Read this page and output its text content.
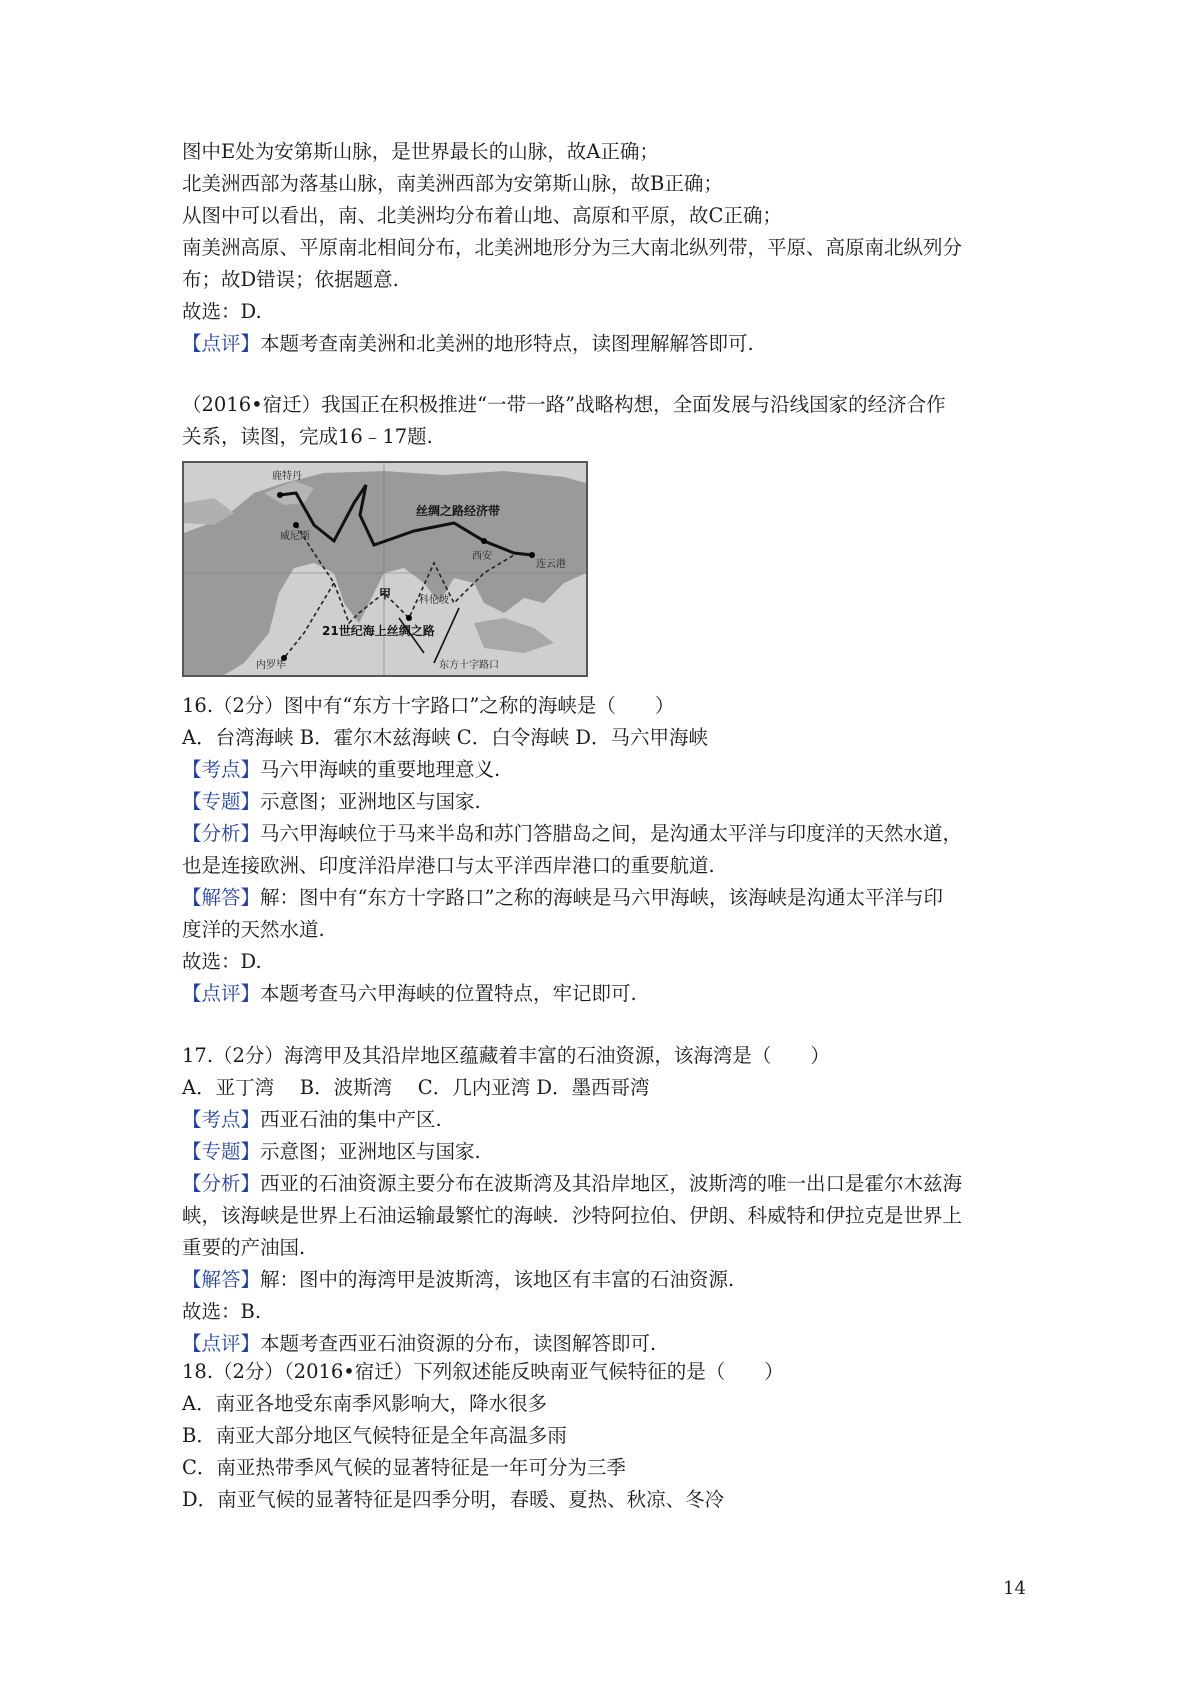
图中E处为安第斯山脉，是世界最长的山脉，故A正确；
北美洲西部为落基山脉，南美洲西部为安第斯山脉，故B正确；
从图中可以看出，南、北美洲均分布着山地、高原和平原，故C正确；
南美洲高原、平原南北相间分布，北美洲地形分为三大南北纵列带，平原、高原南北纵列分
布；故D错误；依据题意.
故选：D.
【点评】本题考查南美洲和北美洲的地形特点，读图理解解答即可.
（2016•宿迁）我国正在积极推进“一带一路”战略构想，全面发展与沿线国家的经济合作
关系，读图，完成16﹣17题.
鹿特丹
威尼斯
丝绸之路经济带
西安
连云港
甲	科伦坡
21世纪海上丝绸之路
内罗毕	东方十字路口
16.（2分）图中有“东方十字路口”之称的海峡是（　　）
A．台湾海峡 B．霍尔木兹海峡 C．白令海峡 D．马六甲海峡
【考点】马六甲海峡的重要地理意义.
【专题】示意图；亚洲地区与国家.
【分析】马六甲海峡位于马来半岛和苏门答腊岛之间，是沟通太平洋与印度洋的天然水道，
也是连接欧洲、印度洋沿岸港口与太平洋西岸港口的重要航道.
【解答】解：图中有“东方十字路口”之称的海峡是马六甲海峡，该海峡是沟通太平洋与印
度洋的天然水道.
故选：D.
【点评】本题考查马六甲海峡的位置特点，牢记即可.
17.（2分）海湾甲及其沿岸地区蕴藏着丰富的石油资源，该海湾是（　　）
A．亚丁湾　 B．波斯湾　 C．几内亚湾 D．墨西哥湾
【考点】西亚石油的集中产区.
【专题】示意图；亚洲地区与国家.
【分析】西亚的石油资源主要分布在波斯湾及其沿岸地区，波斯湾的唯一出口是霍尔木兹海
峡，该海峡是世界上石油运输最繁忙的海峡．沙特阿拉伯、伊朗、科威特和伊拉克是世界上
重要的产油国.
【解答】解：图中的海湾甲是波斯湾，该地区有丰富的石油资源.
故选：B.
【点评】本题考查西亚石油资源的分布，读图解答即可.
18.（2分）（2016•宿迁）下列叙述能反映南亚气候特征的是（　　）
A．南亚各地受东南季风影响大，降水很多
B．南亚大部分地区气候特征是全年高温多雨
C．南亚热带季风气候的显著特征是一年可分为三季
D．南亚气候的显著特征是四季分明，春暖、夏热、秋凉、冬冷
14
